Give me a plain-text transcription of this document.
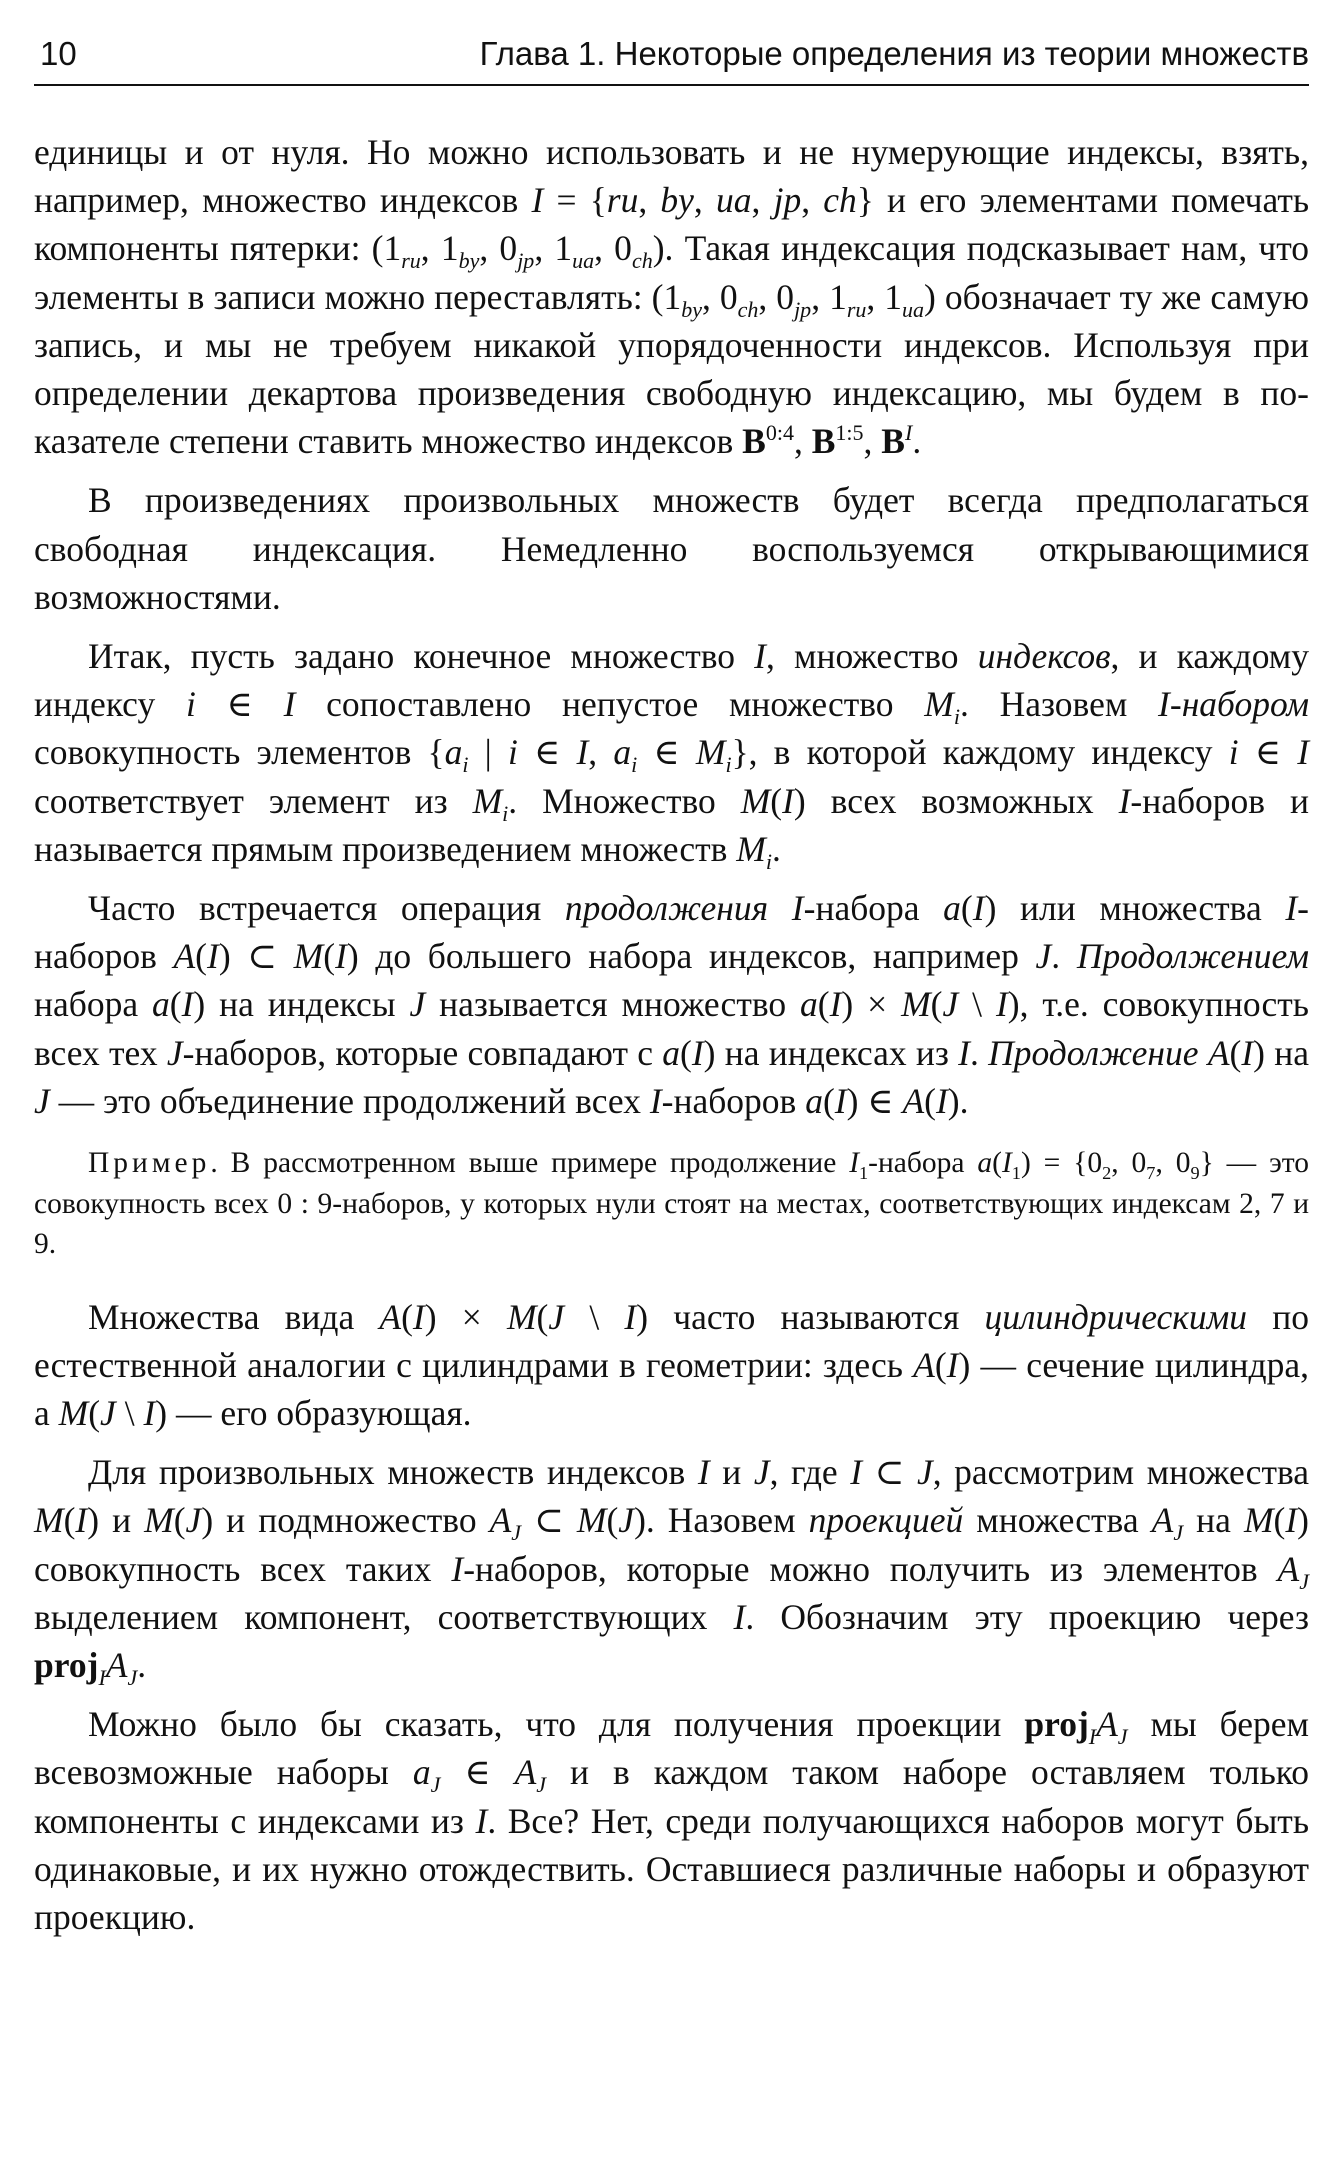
10	Глава 1. Некоторые определения из теории множеств

единицы и от нуля. Но можно использовать и не нумерующие индексы, взять, например, множество индексов I = {ru, by, ua, jp, ch} и его элементами помечать компоненты пятерки: ($1_{ru}$, $1_{by}$, $0_{jp}$, $1_{ua}$, $0_{ch}$). Такая индексация подсказывает нам, что элементы в записи можно переставлять: ($1_{by}$, $0_{ch}$, $0_{jp}$, $1_{ru}$, $1_{ua}$) обозначает ту же самую запись, и мы не требуем никакой упорядоченности индексов. Используя при определении декартова произведения свободную индексацию, мы будем в показателе степени ставить множество индексов $B^{0:4}$, $B^{1:5}$, $B^I$.

В произведениях произвольных множеств будет всегда предполагаться свободная индексация. Немедленно воспользуемся открывающимися возможностями.

Итак, пусть задано конечное множество I, множество индексов, и каждому индексу i ∈ I сопоставлено непустое множество $M_i$. Назовем I-набором совокупность элементов {$a_i$ | i ∈ I, $a_i$ ∈ $M_i$}, в которой каждому индексу i ∈ I соответствует элемент из $M_i$. Множество M(I) всех возможных I-наборов и называется прямым произведением множеств $M_i$.

Часто встречается операция продолжения I-набора a(I) или множества I-наборов A(I) ⊂ M(I) до большего набора индексов, например J. Продолжением набора a(I) на индексы J называется множество a(I) × M(J \ I), т.е. совокупность всех тех J-наборов, которые совпадают с a(I) на индексах из I. Продолжение A(I) на J — это объединение продолжений всех I-наборов a(I) ∈ A(I).

Пример. В рассмотренном выше примере продолжение $I_1$-набора $a(I_1) = \{0_2$, $0_7$, $0_9$} — это совокупность всех 0 : 9-наборов, у которых нули стоят на местах, соответствующих индексам 2, 7 и 9.

Множества вида A(I) × M(J \ I) часто называются цилиндрическими по естественной аналогии с цилиндрами в геометрии: здесь A(I) — сечение цилиндра, а M(J \ I) — его образующая.

Для произвольных множеств индексов I и J, где I ⊂ J, рассмотрим множества M(I) и M(J) и подмножество $A_J$ ⊂ M(J). Назовем проекцией множества $A_J$ на M(I) совокупность всех таких I-наборов, которые можно получить из элементов $A_J$ выделением компонент, соответствующих I. Обозначим эту проекцию через $proj_IA_J$.

Можно было бы сказать, что для получения проекции $proj_IA_J$ мы берем всевозможные наборы $a_J$ ∈ $A_J$ и в каждом таком наборе оставляем только компоненты с индексами из I. Все? Нет, среди получающихся наборов могут быть одинаковые, и их нужно отождествить. Оставшиеся различные наборы и образуют проекцию.
